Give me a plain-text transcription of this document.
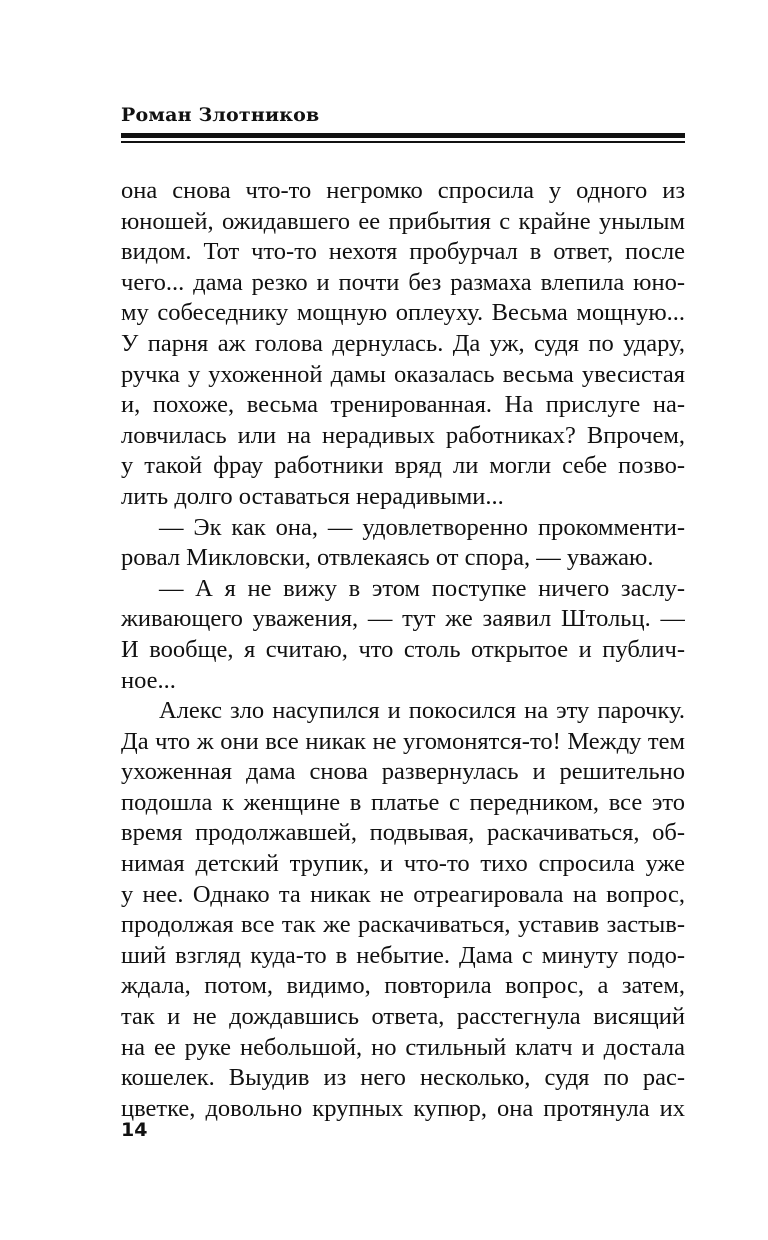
Роман Злотников
она снова что-то негромко спросила у одного из
юношей, ожидавшего ее прибытия с крайне унылым
видом. Тот что-то нехотя пробурчал в ответ, после
чего... дама резко и почти без размаха влепила юно-
му собеседнику мощную оплеуху. Весьма мощную...
У парня аж голова дернулась. Да уж, судя по удару,
ручка у ухоженной дамы оказалась весьма увесистая
и, похоже, весьма тренированная. На прислуге на-
ловчилась или на нерадивых работниках? Впрочем,
у такой фрау работники вряд ли могли себе позво-
лить долго оставаться нерадивыми...
— Эк как она, — удовлетворенно прокомменти-
ровал Микловски, отвлекаясь от спора, — уважаю.
— А я не вижу в этом поступке ничего заслу-
живающего уважения, — тут же заявил Штольц. —
И вообще, я считаю, что столь открытое и публич-
ное...
Алекс зло насупился и покосился на эту парочку.
Да что ж они все никак не угомонятся-то! Между тем
ухоженная дама снова развернулась и решительно
подошла к женщине в платье с передником, все это
время продолжавшей, подвывая, раскачиваться, об-
нимая детский трупик, и что-то тихо спросила уже
у нее. Однако та никак не отреагировала на вопрос,
продолжая все так же раскачиваться, уставив застыв-
ший взгляд куда-то в небытие. Дама с минуту подо-
ждала, потом, видимо, повторила вопрос, а затем,
так и не дождавшись ответа, расстегнула висящий
на ее руке небольшой, но стильный клатч и достала
кошелек. Выудив из него несколько, судя по рас-
цветке, довольно крупных купюр, она протянула их
14
